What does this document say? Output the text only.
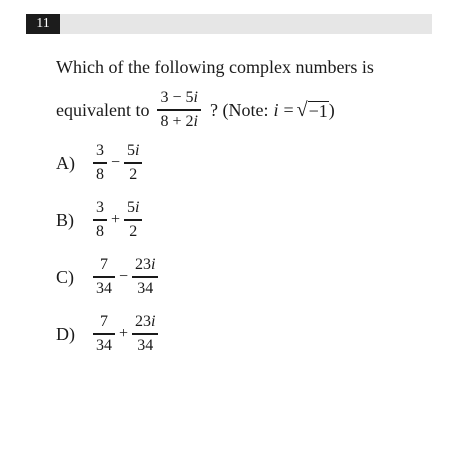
11
Which of the following complex numbers is
equivalent to $\frac{3 - 5i}{8 + 2i}$ ? (Note: i = √ −1 )
A)	$\frac{3}{8} - \frac{5i}{2}$
B)	$\frac{3}{8} + \frac{5i}{2}$
C)	$\frac{7}{34} - \frac{23i}{34}$
D)	$\frac{7}{34} + \frac{23i}{34}$
